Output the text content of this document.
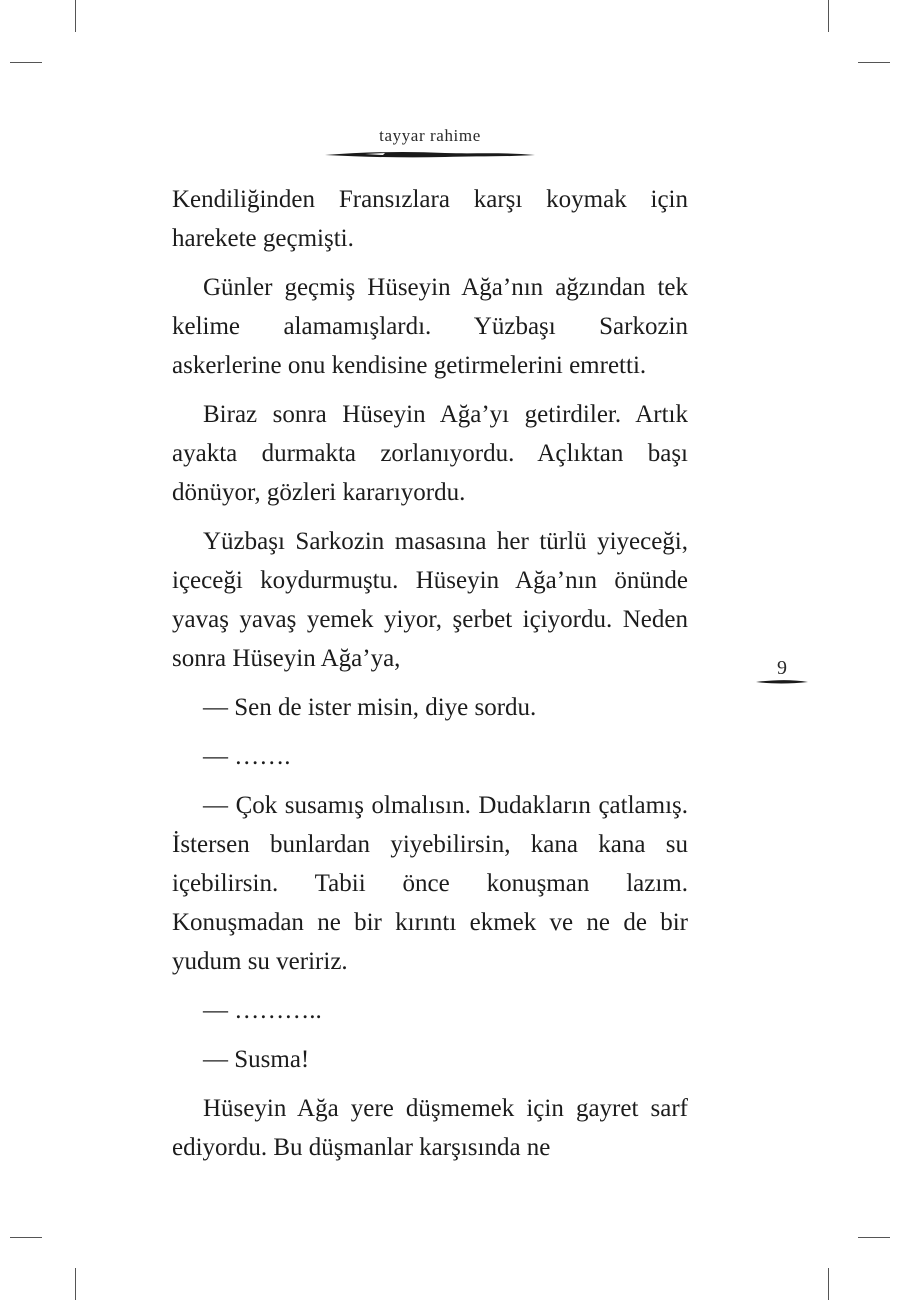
tayyar rahime

Kendiliğinden Fransızlara karşı koymak için harekete geçmişti.

Günler geçmiş Hüseyin Ağa’nın ağzından tek kelime alamamışlardı. Yüzbaşı Sarkozin askerlerine onu kendisine getirmelerini emretti.

Biraz sonra Hüseyin Ağa’yı getirdiler. Artık ayakta durmakta zorlanıyordu. Açlıktan başı dönüyor, gözleri kararıyordu.

Yüzbaşı Sarkozin masasına her türlü yiyeceği, içeceği koydurmuştu. Hüseyin Ağa’nın önünde yavaş yavaş yemek yiyor, şerbet içiyordu. Neden sonra Hüseyin Ağa’ya,

— Sen de ister misin, diye sordu.

— …….

— Çok susamış olmalısın. Dudakların çatlamış. İstersen bunlardan yiyebilirsin, kana kana su içebilirsin. Tabii önce konuşman lazım. Konuşmadan ne bir kırıntı ekmek ve ne de bir yudum su veririz.

— ………..

— Susma!

Hüseyin Ağa yere düşmemek için gayret sarf ediyordu. Bu düşmanlar karşısında ne

9
